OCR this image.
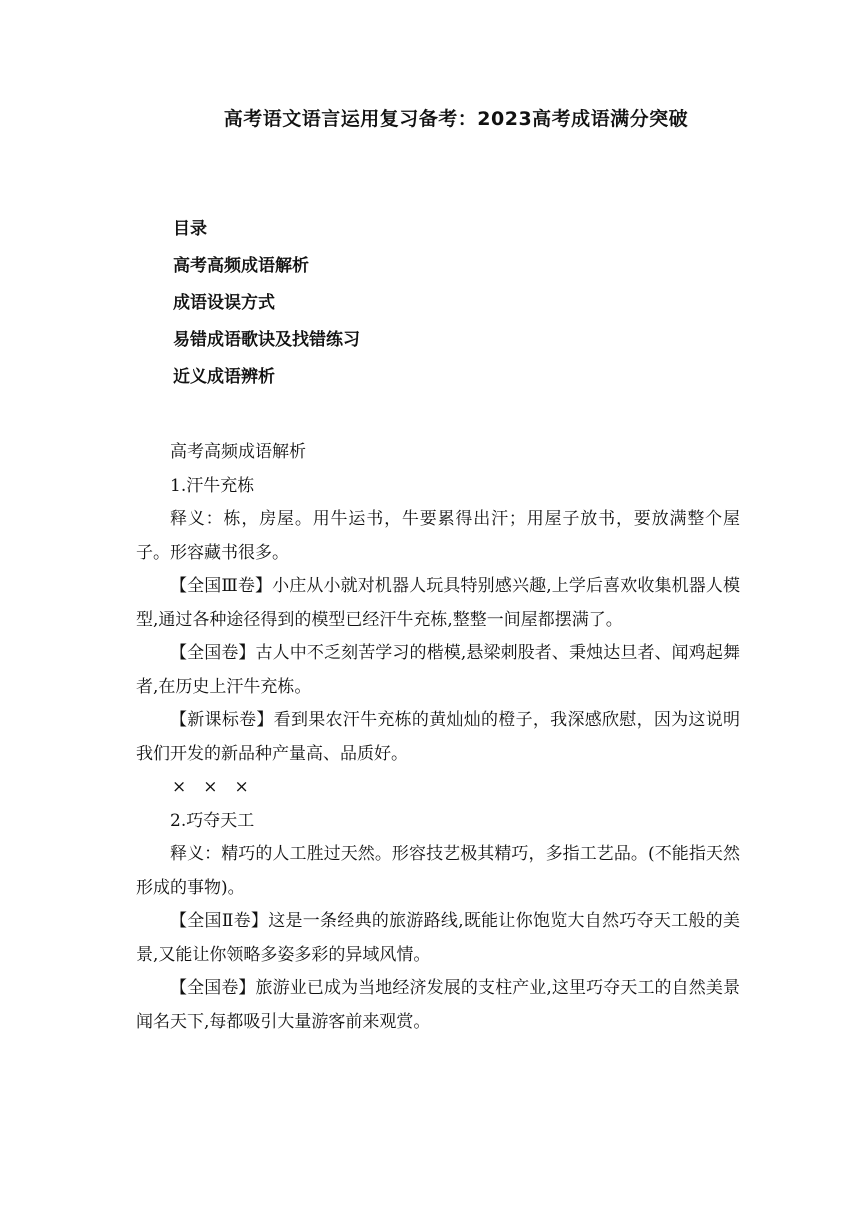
高考语文语言运用复习备考：2023高考成语满分突破
目录
高考高频成语解析
成语设误方式
易错成语歌诀及找错练习
近义成语辨析

高考高频成语解析

1.汗牛充栋

释义：栋，房屋。用牛运书，牛要累得出汗；用屋子放书，要放满整个屋子。形容藏书很多。

【全国Ⅲ卷】小庄从小就对机器人玩具特别感兴趣,上学后喜欢收集机器人模型,通过各种途径得到的模型已经汗牛充栋,整整一间屋都摆满了。

【全国卷】古人中不乏刻苦学习的楷模,悬梁刺股者、秉烛达旦者、闻鸡起舞者,在历史上汗牛充栋。

【新课标卷】看到果农汗牛充栋的黄灿灿的橙子，我深感欣慰，因为这说明我们开发的新品种产量高、品质好。

×　×　×

2.巧夺天工

释义：精巧的人工胜过天然。形容技艺极其精巧，多指工艺品。(不能指天然形成的事物)。

【全国Ⅱ卷】这是一条经典的旅游路线,既能让你饱览大自然巧夺天工般的美景,又能让你领略多姿多彩的异域风情。

【全国卷】旅游业已成为当地经济发展的支柱产业,这里巧夺天工的自然美景闻名天下,每都吸引大量游客前来观赏。
